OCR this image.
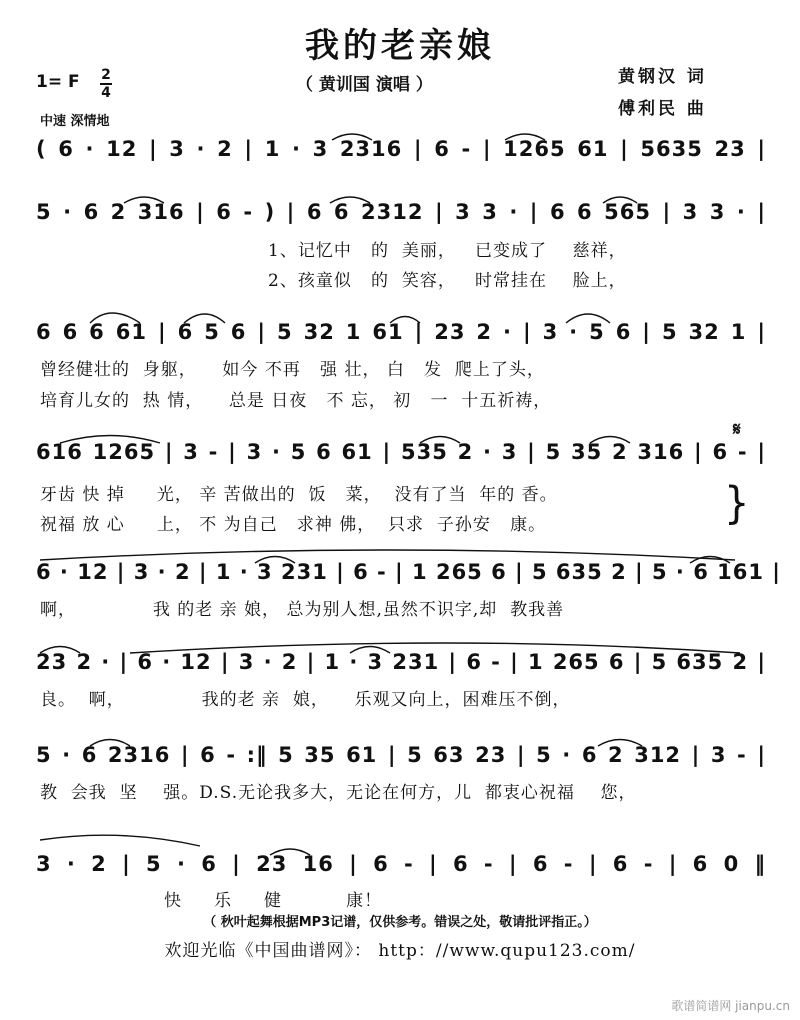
我的老亲娘
（ 黄训国 演唱 ）	黄钢汉 词
傅利民 曲
1= F 2
4
中速 深情地
( 6 · 12 | 3 · 2 | 1 · 3 2316 | 6 - | 1265 61 | 5635 23 |
5 · 6 2 316 | 6 - ) | 6 6 2312 | 3 3 · | 6 6 565 | 3 3 · |
1、记忆中   的  美丽，   已变成了    慈祥，
2、孩童似   的  笑容，   时常挂在    脸上，
6 6 6 61 | 6 5 6 | 5 32 1 61 | 23 2 · | 3 · 5 6 | 5 32 1 |
曾经健壮的  身躯，    如今 不再   强 壮， 白   发  爬上了头，
培育儿女的  热 情，    总是 日夜   不 忘， 初   一  十五祈祷，
616 1265 | 3 - | 3 · 5 6 61 | 535 2 · 3 | 5 35 2 316 | 6 - |
𝄋
牙齿 快 掉     光， 辛 苦做出的  饭   菜，  没有了当  年的 香。
祝福 放 心     上， 不 为自己   求神 佛，  只求  子孙安   康。	}
6 · 12 | 3 · 2 | 1 · 3 231 | 6 - | 1 265 6 | 5 635 2 | 5 · 6 161 |
啊，            我 的老 亲 娘， 总为别人想,虽然不识字,却  教我善
23 2 · | 6 · 12 | 3 · 2 | 1 · 3 231 | 6 - | 1 265 6 | 5 635 2 |
良。  啊，            我的老 亲  娘，    乐观又向上，困难压不倒，
5 · 6 2316 | 6 - :‖ 5 35 61 | 5 63 23 | 5 · 6 2 312 | 3 - |
教  会我  坚    强。D.S.无论我多大，无论在何方，儿  都衷心祝福    您，
3 · 2 | 5 · 6 | 23 16 | 6 - | 6 - | 6 - | 6 - | 6 0 ‖
快     乐     健          康！
（ 秋叶起舞根据MP3记谱，仅供参考。错误之处，敬请批评指正。）
欢迎光临《中国曲谱网》： http：//www.qupu123.com/
歌谱简谱网 jianpu.cn
